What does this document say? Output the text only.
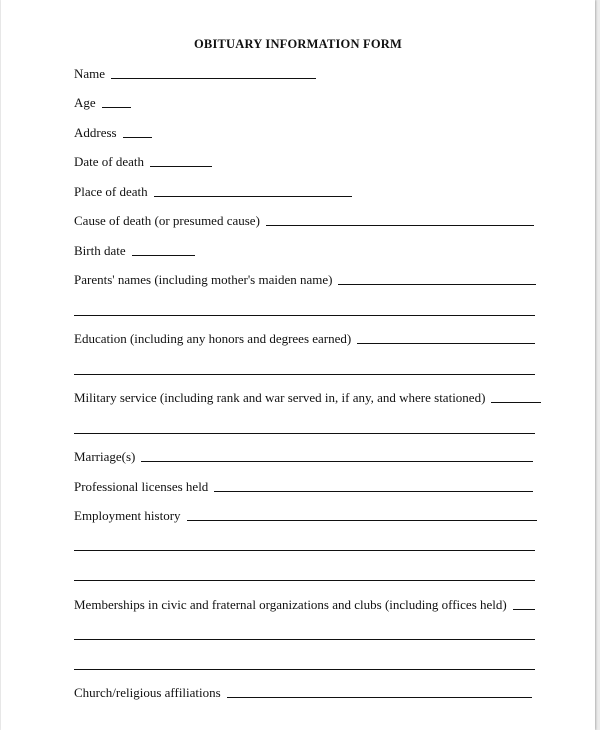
OBITUARY INFORMATION FORM
Name
Age
Address
Date of death
Place of death
Cause of death (or presumed cause)
Birth date
Parents' names (including mother's maiden name)
Education (including any honors and degrees earned)
Military service (including rank and war served in, if any, and where stationed)
Marriage(s)
Professional licenses held
Employment history
Memberships in civic and fraternal organizations and clubs (including offices held)
Church/religious affiliations
